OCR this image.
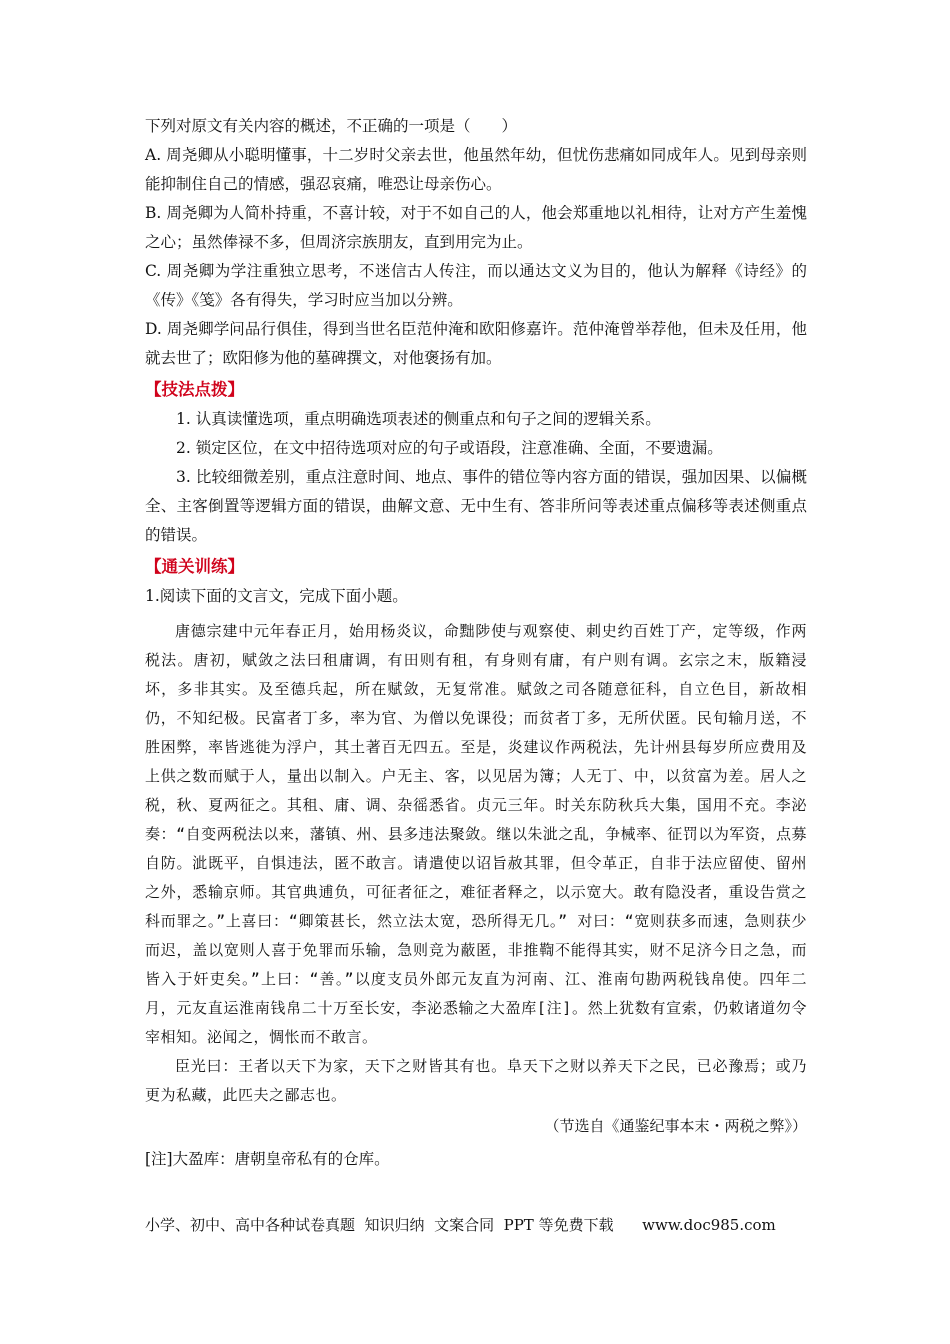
下列对原文有关内容的概述，不正确的一项是（　　）

A. 周尧卿从小聪明懂事，十二岁时父亲去世，他虽然年幼，但忧伤悲痛如同成年人。见到母亲则能抑制住自己的情感，强忍哀痛，唯恐让母亲伤心。

B. 周尧卿为人简朴持重，不喜计较，对于不如自己的人，他会郑重地以礼相待，让对方产生羞愧之心；虽然俸禄不多，但周济宗族朋友，直到用完为止。

C. 周尧卿为学注重独立思考，不迷信古人传注，而以通达文义为目的，他认为解释《诗经》的《传》《笺》各有得失，学习时应当加以分辨。

D. 周尧卿学问品行俱佳，得到当世名臣范仲淹和欧阳修嘉许。范仲淹曾举荐他，但未及任用，他就去世了；欧阳修为他的墓碑撰文，对他褒扬有加。

【技法点拨】

1. 认真读懂选项，重点明确选项表述的侧重点和句子之间的逻辑关系。

2. 锁定区位，在文中招待选项对应的句子或语段，注意准确、全面，不要遗漏。

3. 比较细微差别，重点注意时间、地点、事件的错位等内容方面的错误，强加因果、以偏概全、主客倒置等逻辑方面的错误，曲解文意、无中生有、答非所问等表述重点偏移等表述侧重点的错误。

【通关训练】

1.阅读下面的文言文，完成下面小题。

唐德宗建中元年春正月，始用杨炎议，命黜陟使与观察使、刺史约百姓丁产，定等级，作两税法。唐初，赋敛之法曰租庸调，有田则有租，有身则有庸，有户则有调。玄宗之末，版籍浸坏，多非其实。及至德兵起，所在赋敛，无复常准。赋敛之司各随意征科，自立色目，新故相仍，不知纪极。民富者丁多，率为官、为僧以免课役；而贫者丁多，无所伏匿。民旬输月送，不胜困弊，率皆逃徙为浮户，其土著百无四五。至是，炎建议作两税法，先计州县每岁所应费用及上供之数而赋于人，量出以制入。户无主、客，以见居为簿；人无丁、中，以贫富为差。居人之税，秋、夏两征之。其租、庸、调、杂徭悉省。贞元三年。时关东防秋兵大集，国用不充。李泌奏：“自变两税法以来，藩镇、州、县多违法聚敛。继以朱泚之乱，争械率、征罚以为军资，点募自防。泚既平，自惧违法，匿不敢言。请遣使以诏旨赦其罪，但令革正，自非于法应留使、留州之外，悉输京师。其官典逋负，可征者征之，难征者释之，以示宽大。敢有隐没者，重设告赏之科而罪之。”上喜曰：“卿策甚长，然立法太宽，恐所得无几。” 对曰：“宽则获多而速，急则获少而迟，盖以宽则人喜于免罪而乐输，急则竞为蔽匿，非推鞫不能得其实，财不足济今日之急，而皆入于奸吏矣。”上曰：“善。”以度支员外郎元友直为河南、江、淮南句勘两税钱帛使。四年二月，元友直运淮南钱帛二十万至长安，李泌悉输之大盈库[注]。然上犹数有宣索，仍敕诸道勿令宰相知。泌闻之，惆怅而不敢言。

臣光曰：王者以天下为家，天下之财皆其有也。阜天下之财以养天下之民，已必豫焉；或乃更为私藏，此匹夫之鄙志也。

（节选自《通鉴纪事本末・两税之弊》）

[注]大盈库：唐朝皇帝私有的仓库。

小学、初中、高中各种试卷真题  知识归纳  文案合同  PPT 等免费下载      www.doc985.com
